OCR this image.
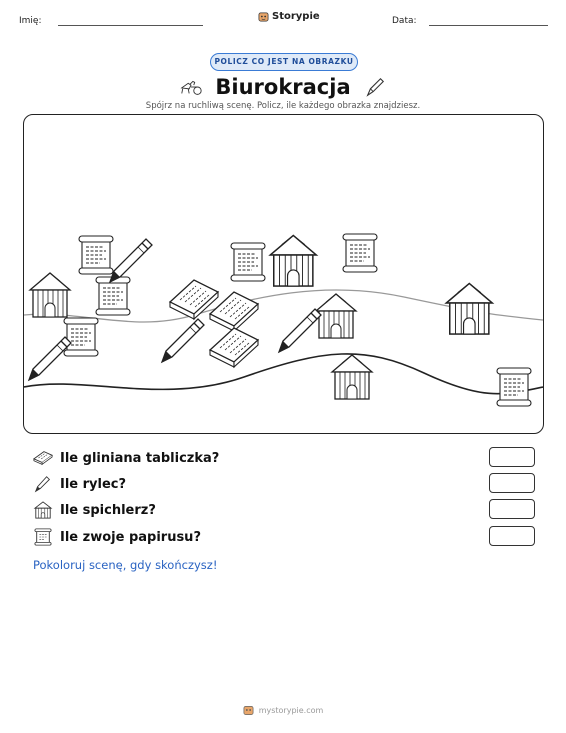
Imię:	Storypie	Data:
POLICZ CO JEST NA OBRAZKU
Biurokracja
Spójrz na ruchliwą scenę. Policz, ile każdego obrazka znajdziesz.
Ile gliniana tabliczka?
Ile rylec?
Ile spichlerz?
Ile zwoje papirusu?
Pokoloruj scenę, gdy skończysz!
mystorypie.com
